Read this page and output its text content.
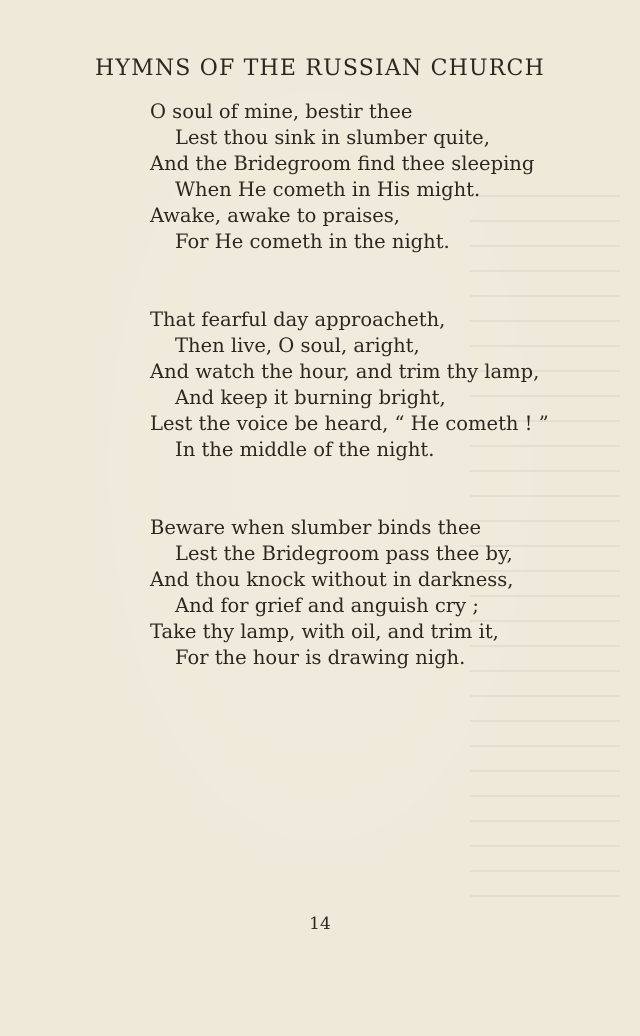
HYMNS OF THE RUSSIAN CHURCH
O soul of mine, bestir thee
Lest thou sink in slumber quite,
And the Bridegroom find thee sleeping
When He cometh in His might.
Awake, awake to praises,
For He cometh in the night.
That fearful day approacheth,
Then live, O soul, aright,
And watch the hour, and trim thy lamp,
And keep it burning bright,
Lest the voice be heard, “ He cometh ! ”
In the middle of the night.
Beware when slumber binds thee
Lest the Bridegroom pass thee by,
And thou knock without in darkness,
And for grief and anguish cry ;
Take thy lamp, with oil, and trim it,
For the hour is drawing nigh.
14
